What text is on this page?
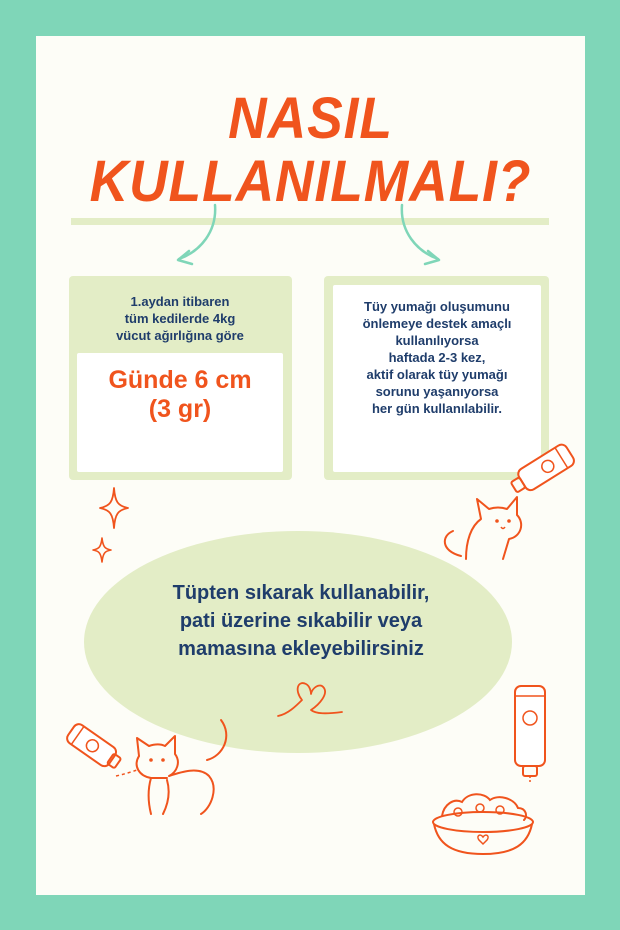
NASIL
KULLANILMALI?
1.aydan itibaren
tüm kedilerde 4kg
vücut ağırlığına göre
Günde 6 cm
(3 gr)
Tüy yumağı oluşumunu
önlemeye destek amaçlı
kullanılıyorsa
haftada 2-3 kez,
aktif olarak tüy yumağı
sorunu yaşanıyorsa
her gün kullanılabilir.
Tüpten sıkarak kullanabilir,
pati üzerine sıkabilir veya
mamasına ekleyebilirsiniz
